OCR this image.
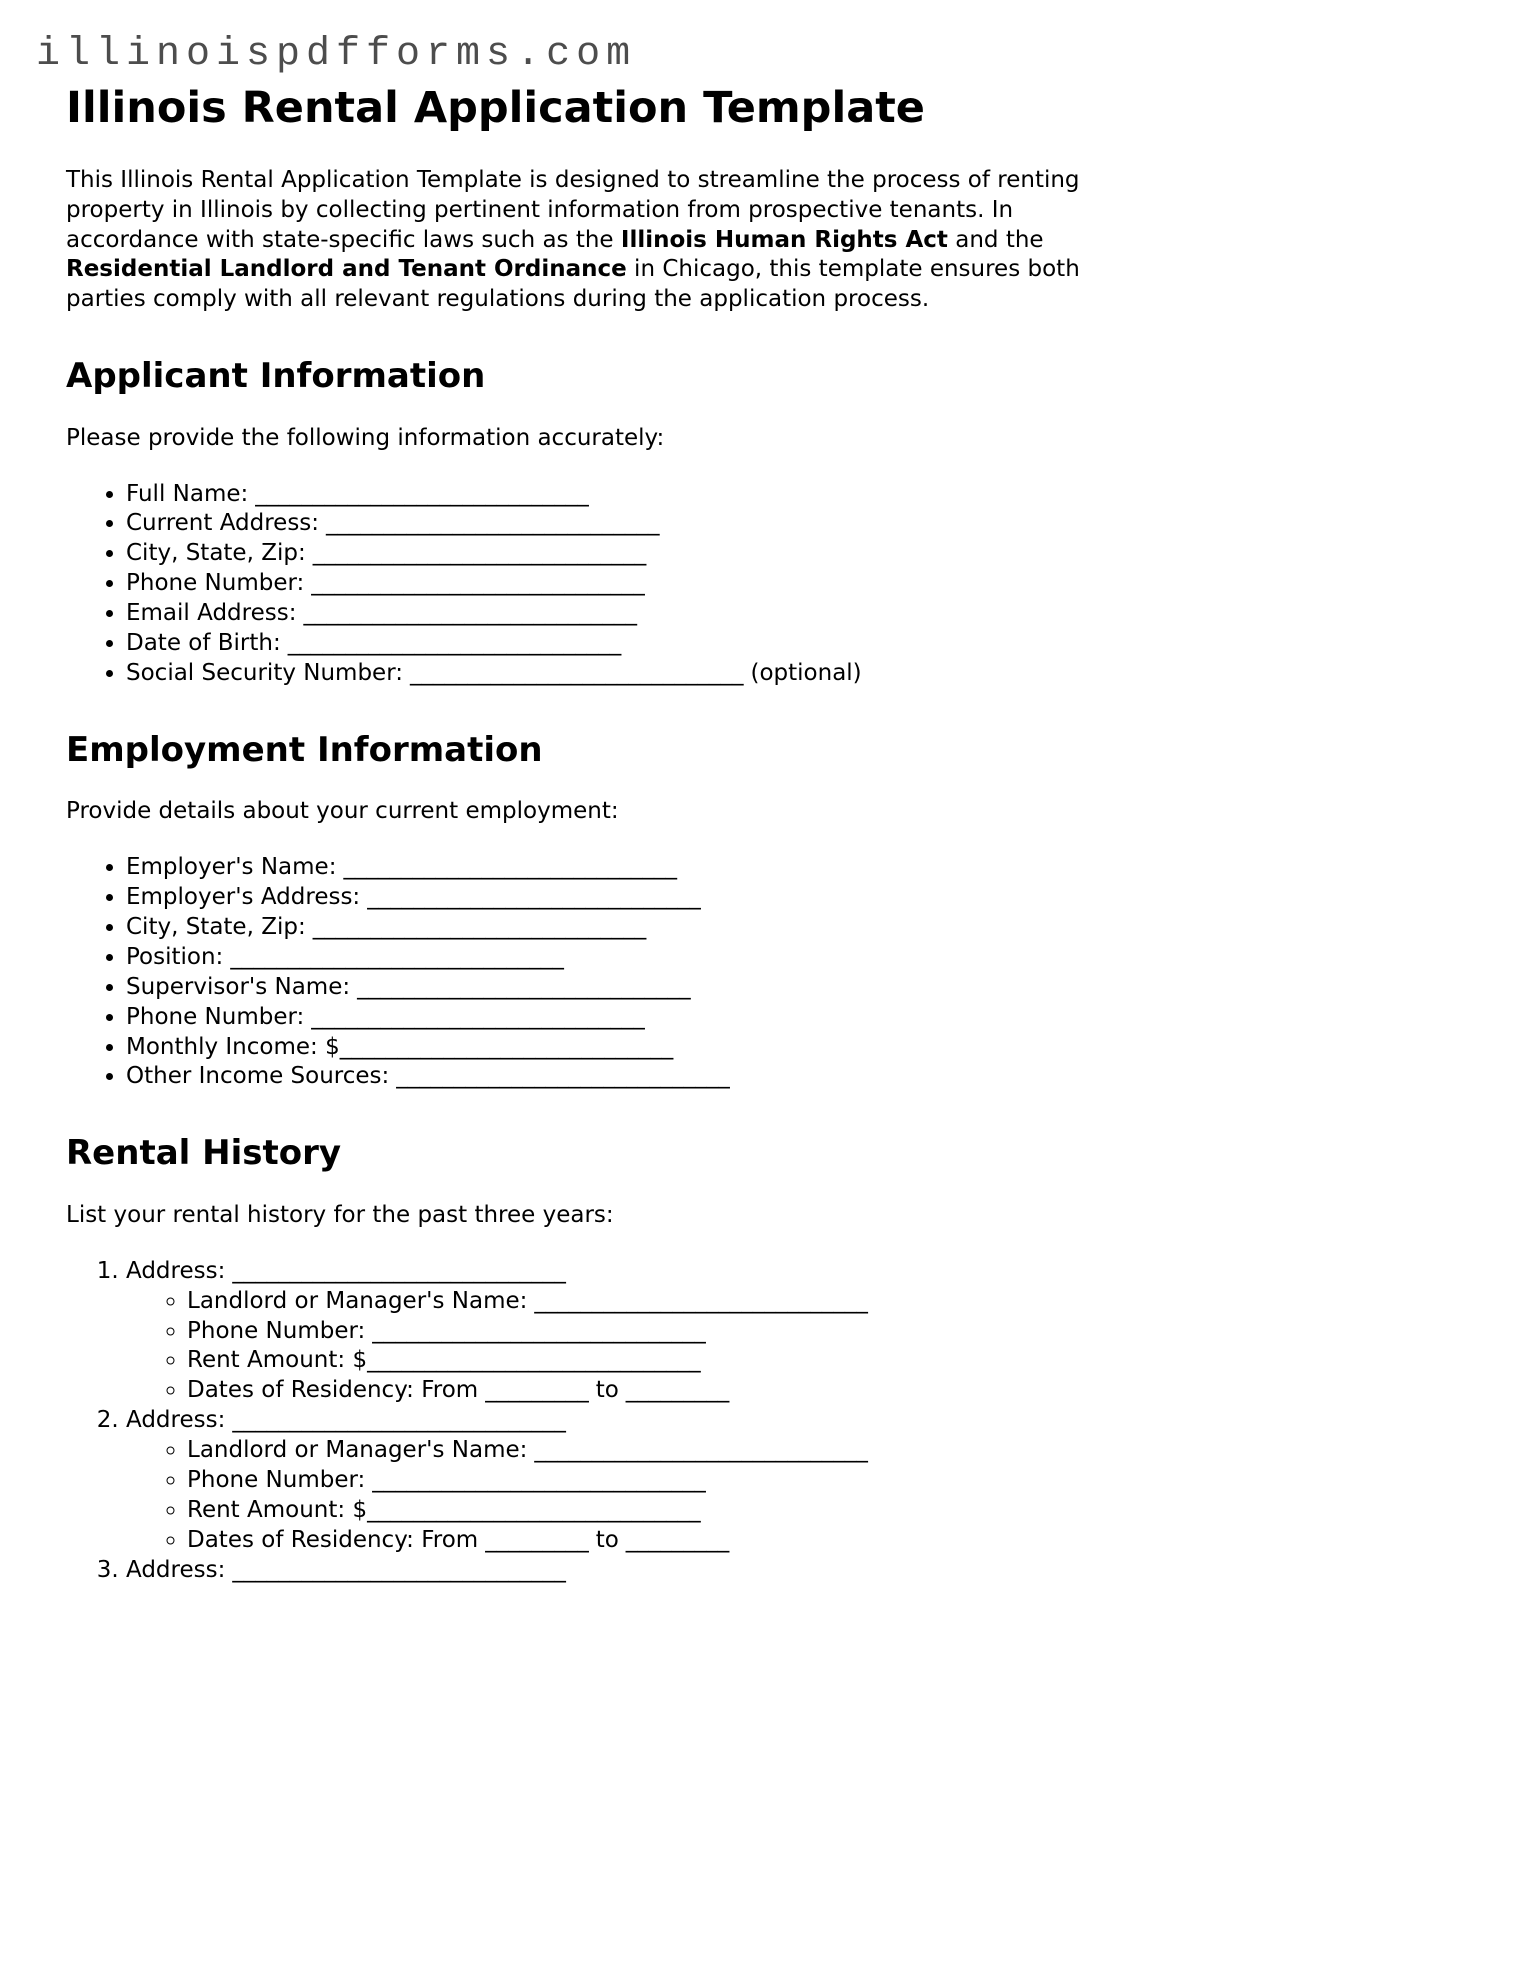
illinoispdfforms.com
Illinois Rental Application Template

This Illinois Rental Application Template is designed to streamline the process of renting property in Illinois by collecting pertinent information from prospective tenants. In accordance with state-specific laws such as the Illinois Human Rights Act and the Residential Landlord and Tenant Ordinance in Chicago, this template ensures both parties comply with all relevant regulations during the application process.

Applicant Information

Please provide the following information accurately:

• Full Name: _____________________________
• Current Address: _____________________________
• City, State, Zip: _____________________________
• Phone Number: _____________________________
• Email Address: _____________________________
• Date of Birth: _____________________________
• Social Security Number: _____________________________ (optional)
Employment Information

Provide details about your current employment:

• Employer's Name: _____________________________
• Employer's Address: _____________________________
• City, State, Zip: _____________________________
• Position: _____________________________
• Supervisor's Name: _____________________________
• Phone Number: _____________________________
• Monthly Income: $_____________________________
• Other Income Sources: _____________________________
Rental History

List your rental history for the past three years:

1. Address: _____________________________
◦ Landlord or Manager's Name: _____________________________
◦ Phone Number: _____________________________
◦ Rent Amount: $_____________________________
◦ Dates of Residency: From _________ to _________
2. Address: _____________________________
◦ Landlord or Manager's Name: _____________________________
◦ Phone Number: _____________________________
◦ Rent Amount: $_____________________________
◦ Dates of Residency: From _________ to _________
3. Address: _____________________________
